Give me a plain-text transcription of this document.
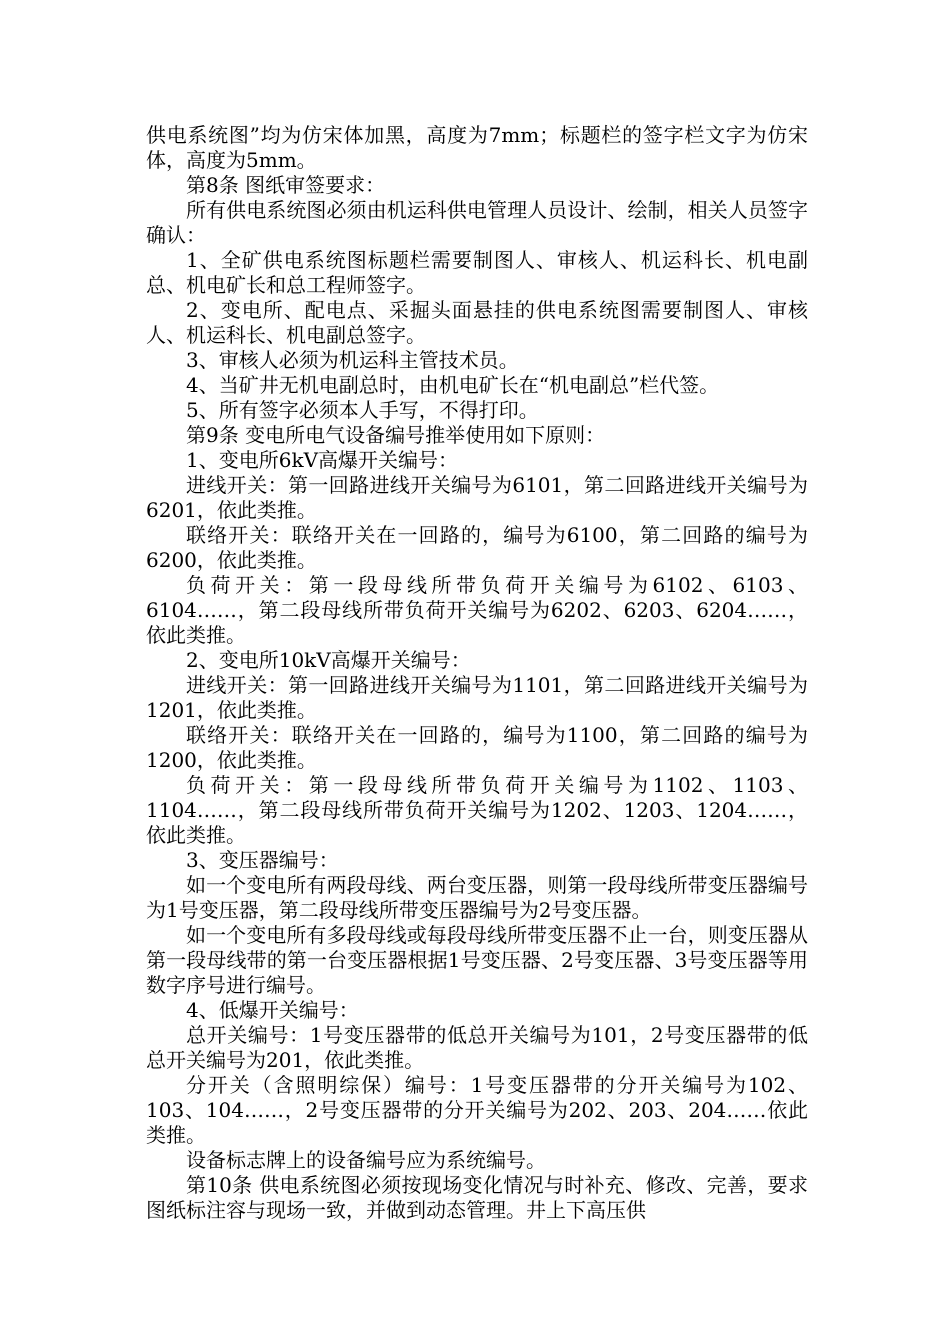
供电系统图”均为仿宋体加黑，高度为7mm；标题栏的签字栏文字为仿宋体，高度为5mm。

第8条 图纸审签要求：

所有供电系统图必须由机运科供电管理人员设计、绘制，相关人员签字确认：

1、全矿供电系统图标题栏需要制图人、审核人、机运科长、机电副总、机电矿长和总工程师签字。

2、变电所、配电点、采掘头面悬挂的供电系统图需要制图人、审核人、机运科长、机电副总签字。

3、审核人必须为机运科主管技术员。

4、当矿井无机电副总时，由机电矿长在“机电副总”栏代签。

5、所有签字必须本人手写，不得打印。

第9条 变电所电气设备编号推举使用如下原则：

1、变电所6kV高爆开关编号：

进线开关：第一回路进线开关编号为6101，第二回路进线开关编号为6201，依此类推。

联络开关：联络开关在一回路的，编号为6100，第二回路的编号为6200，依此类推。

负荷开关：第一段母线所带负荷开关编号为6102、6103、6104……，第二段母线所带负荷开关编号为6202、6203、6204……，依此类推。

2、变电所10kV高爆开关编号：

进线开关：第一回路进线开关编号为1101，第二回路进线开关编号为1201，依此类推。

联络开关：联络开关在一回路的，编号为1100，第二回路的编号为1200，依此类推。

负荷开关：第一段母线所带负荷开关编号为1102、1103、1104……，第二段母线所带负荷开关编号为1202、1203、1204……，依此类推。

3、变压器编号：

如一个变电所有两段母线、两台变压器，则第一段母线所带变压器编号为1号变压器，第二段母线所带变压器编号为2号变压器。

如一个变电所有多段母线或每段母线所带变压器不止一台，则变压器从第一段母线带的第一台变压器根据1号变压器、2号变压器、3号变压器等用数字序号进行编号。

4、低爆开关编号：

总开关编号：1号变压器带的低总开关编号为101，2号变压器带的低总开关编号为201，依此类推。

分开关（含照明综保）编号：1号变压器带的分开关编号为102、103、104……，2号变压器带的分开关编号为202、203、204……依此类推。

设备标志牌上的设备编号应为系统编号。

第10条 供电系统图必须按现场变化情况与时补充、修改、完善，要求图纸标注容与现场一致，并做到动态管理。井上下高压供
